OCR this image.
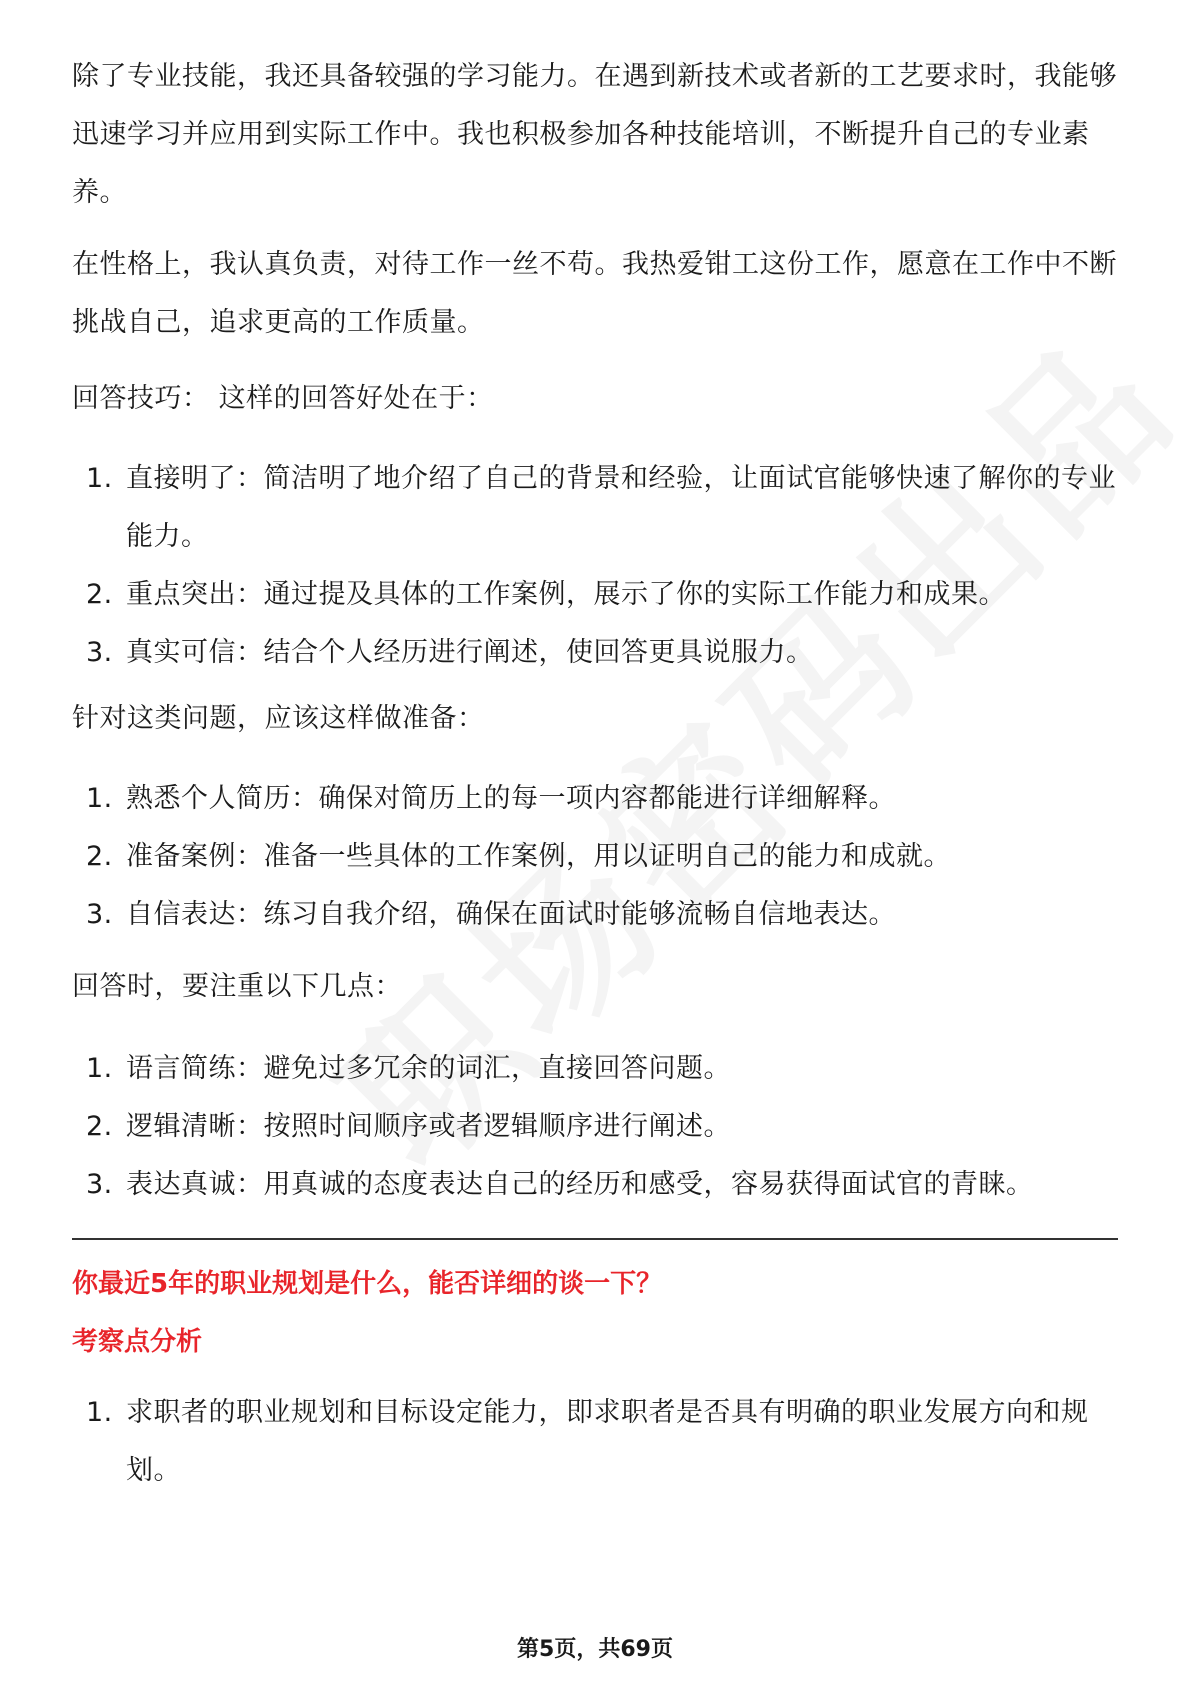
除了专业技能，我还具备较强的学习能力。在遇到新技术或者新的工艺要求时，我能够迅速学习并应用到实际工作中。我也积极参加各种技能培训，不断提升自己的专业素养。

在性格上，我认真负责，对待工作一丝不苟。我热爱钳工这份工作，愿意在工作中不断挑战自己，追求更高的工作质量。

回答技巧： 这样的回答好处在于：

1. 直接明了：简洁明了地介绍了自己的背景和经验，让面试官能够快速了解你的专业能力。
2. 重点突出：通过提及具体的工作案例，展示了你的实际工作能力和成果。
3. 真实可信：结合个人经历进行阐述，使回答更具说服力。

针对这类问题，应该这样做准备：

1. 熟悉个人简历：确保对简历上的每一项内容都能进行详细解释。
2. 准备案例：准备一些具体的工作案例，用以证明自己的能力和成就。
3. 自信表达：练习自我介绍，确保在面试时能够流畅自信地表达。

回答时，要注重以下几点：

1. 语言简练：避免过多冗余的词汇，直接回答问题。
2. 逻辑清晰：按照时间顺序或者逻辑顺序进行阐述。
3. 表达真诚：用真诚的态度表达自己的经历和感受，容易获得面试官的青睐。
你最近5年的职业规划是什么，能否详细的谈一下？
考察点分析
1. 求职者的职业规划和目标设定能力，即求职者是否具有明确的职业发展方向和规划。
第5页，共69页
